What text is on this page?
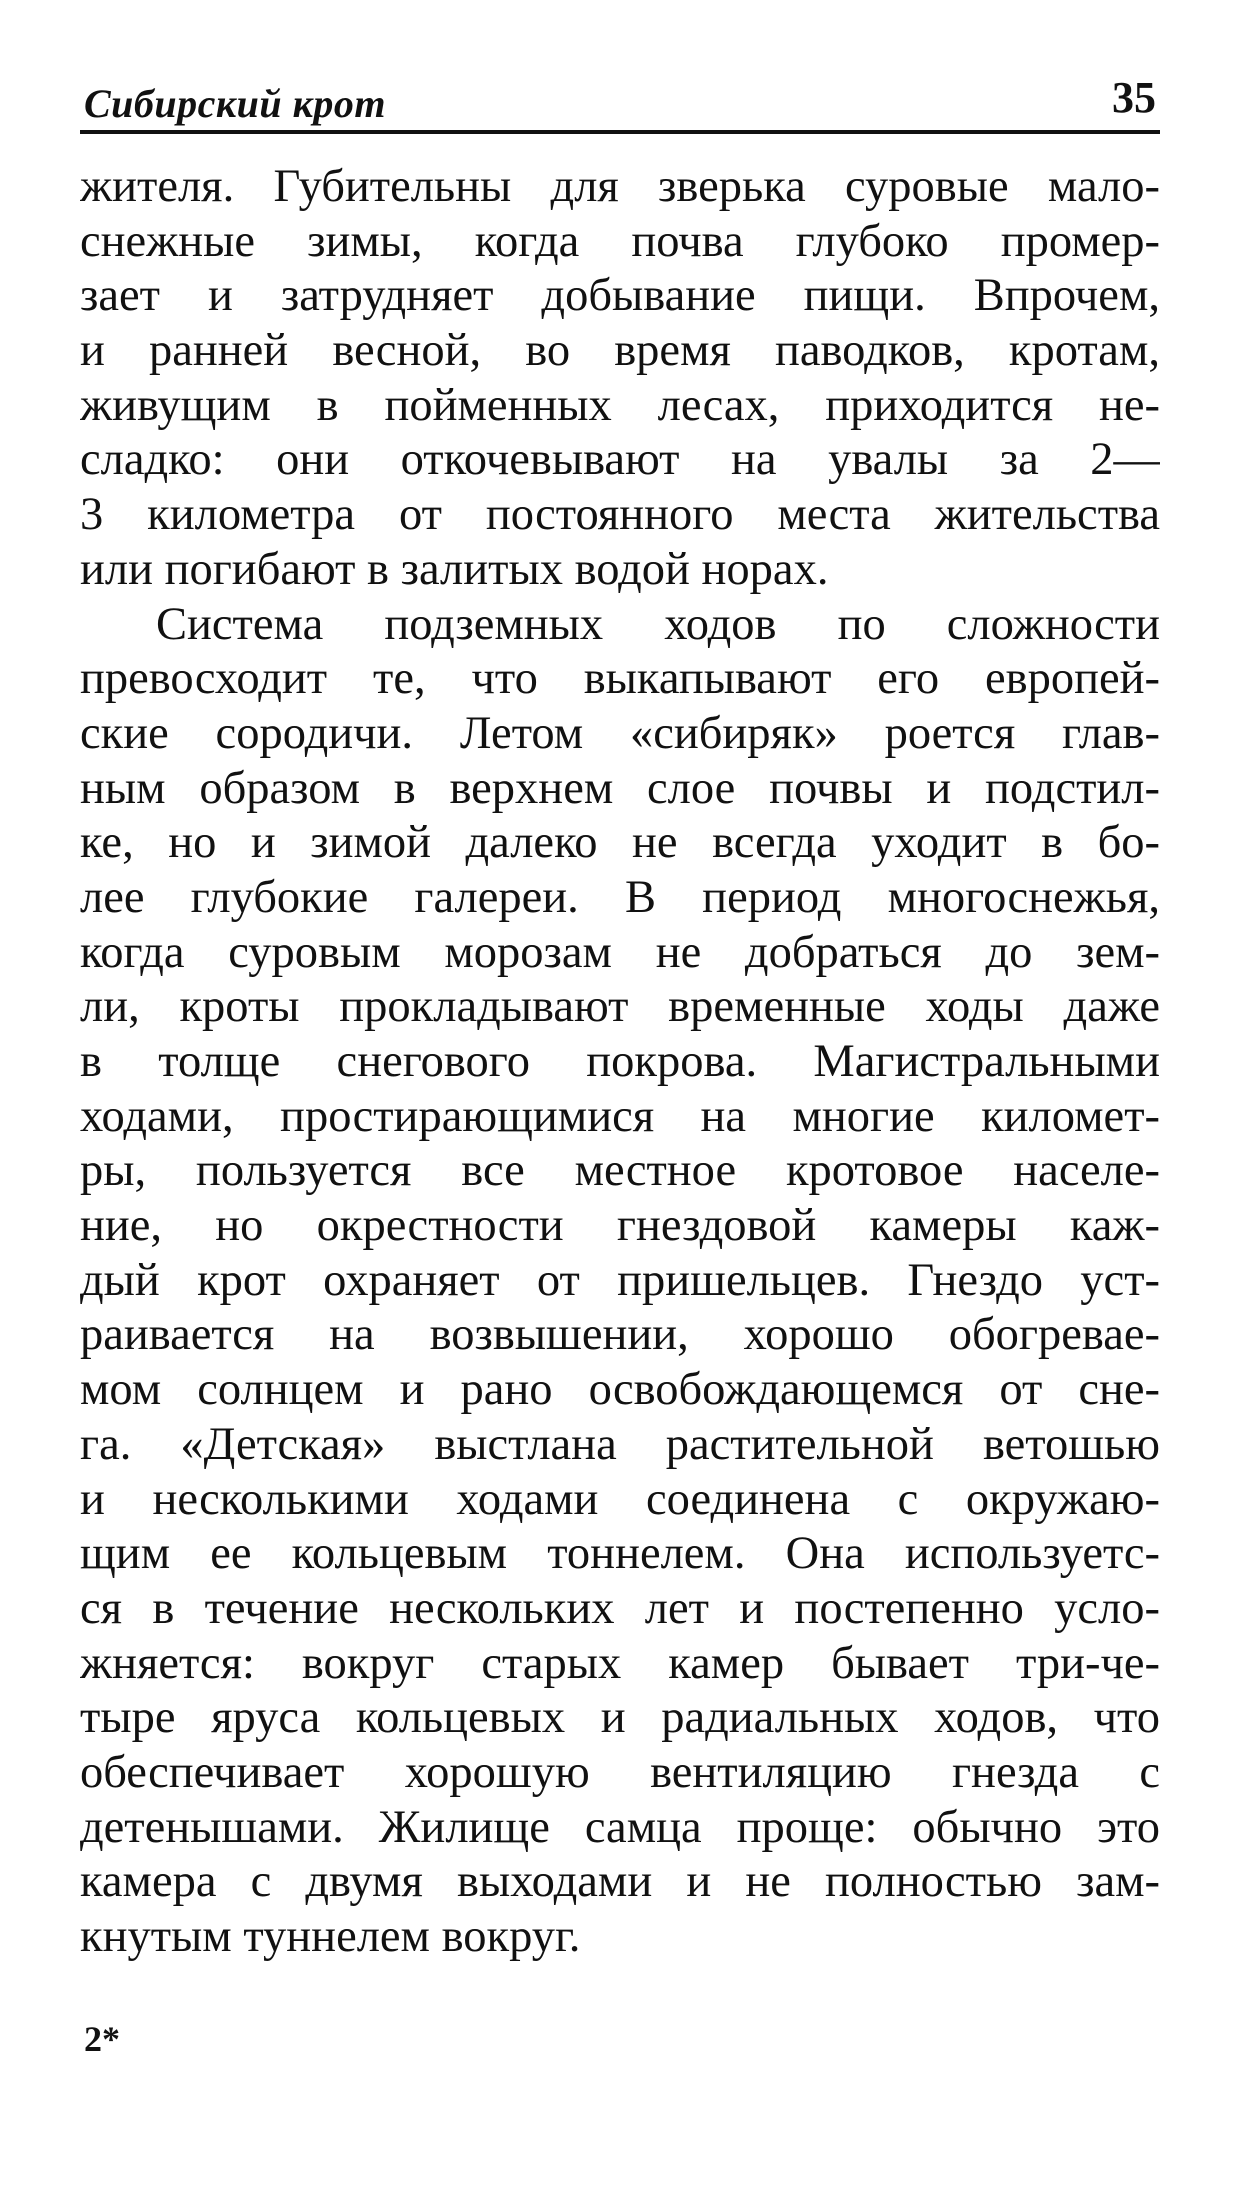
Сибирский крот	35
жителя. Губительны для зверька суровые мало-
снежные зимы, когда почва глубоко промер-
зает и затрудняет добывание пищи. Впрочем,
и ранней весной, во время паводков, кротам,
живущим в пойменных лесах, приходится не-
сладко: они откочевывают на увалы за 2—
3 километра от постоянного места жительства
или погибают в залитых водой норах.
Система подземных ходов по сложности
превосходит те, что выкапывают его европей-
ские сородичи. Летом «сибиряк» роется глав-
ным образом в верхнем слое почвы и подстил-
ке, но и зимой далеко не всегда уходит в бо-
лее глубокие галереи. В период многоснежья,
когда суровым морозам не добраться до зем-
ли, кроты прокладывают временные ходы даже
в толще снегового покрова. Магистральными
ходами, простирающимися на многие километ-
ры, пользуется все местное кротовое населе-
ние, но окрестности гнездовой камеры каж-
дый крот охраняет от пришельцев. Гнездо уст-
раивается на возвышении, хорошо обогревае-
мом солнцем и рано освобождающемся от сне-
га. «Детская» выстлана растительной ветошью
и несколькими ходами соединена с окружаю-
щим ее кольцевым тоннелем. Она используетс-
ся в течение нескольких лет и постепенно усло-
жняется: вокруг старых камер бывает три-че-
тыре яруса кольцевых и радиальных ходов, что
обеспечивает хорошую вентиляцию гнезда с
детенышами. Жилище самца проще: обычно это
камера с двумя выходами и не полностью зам-
кнутым туннелем вокруг.
2*
